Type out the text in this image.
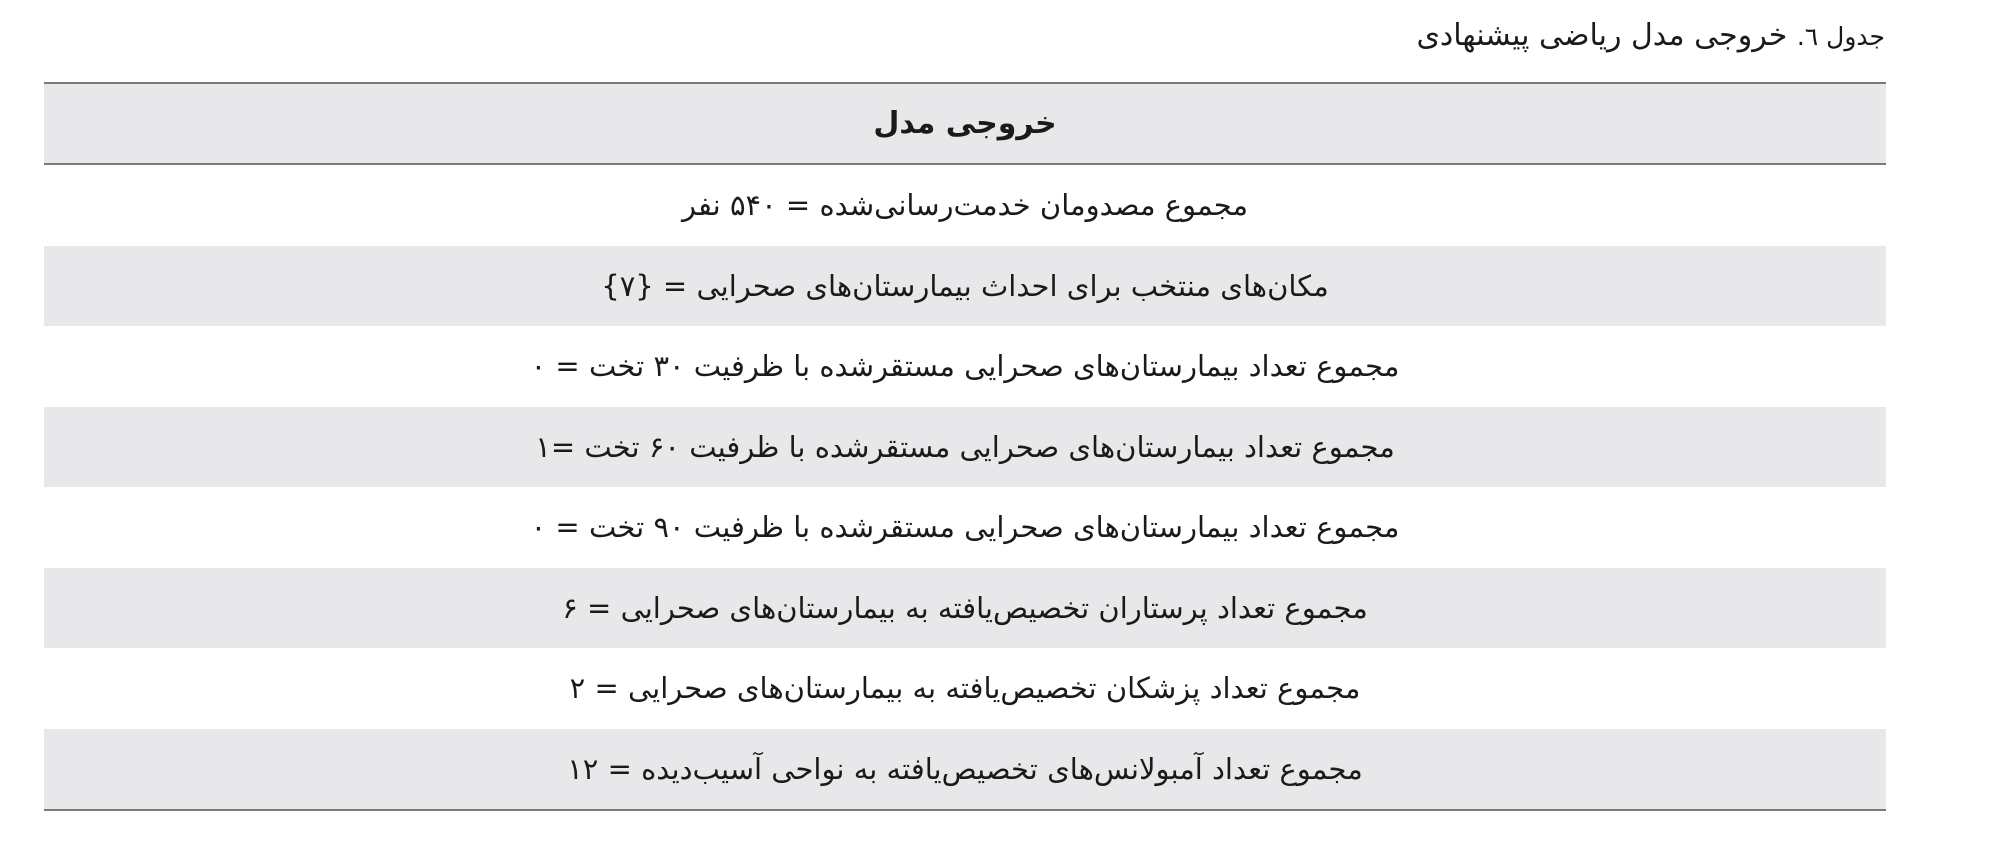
جدول ٦. خروجی مدل ریاضی پیشنهادی
خروجی مدل
مجموع مصدومان خدمت‌رسانی‌شده = ۵۴۰ نفر
مکان‌های منتخب برای احداث بیمارستان‌های صحرایی = {۷}
مجموع تعداد بیمارستان‌های صحرایی مستقرشده با ظرفیت ۳۰ تخت = ۰
مجموع تعداد بیمارستان‌های صحرایی مستقرشده با ظرفیت ۶۰ تخت =۱
مجموع تعداد بیمارستان‌های صحرایی مستقرشده با ظرفیت ۹۰ تخت = ۰
مجموع تعداد پرستاران تخصیص‌یافته به بیمارستان‌های صحرایی = ۶
مجموع تعداد پزشکان تخصیص‌یافته به بیمارستان‌های صحرایی = ۲
مجموع تعداد آمبولانس‌های تخصیص‌یافته به نواحی آسیب‌دیده = ۱۲
